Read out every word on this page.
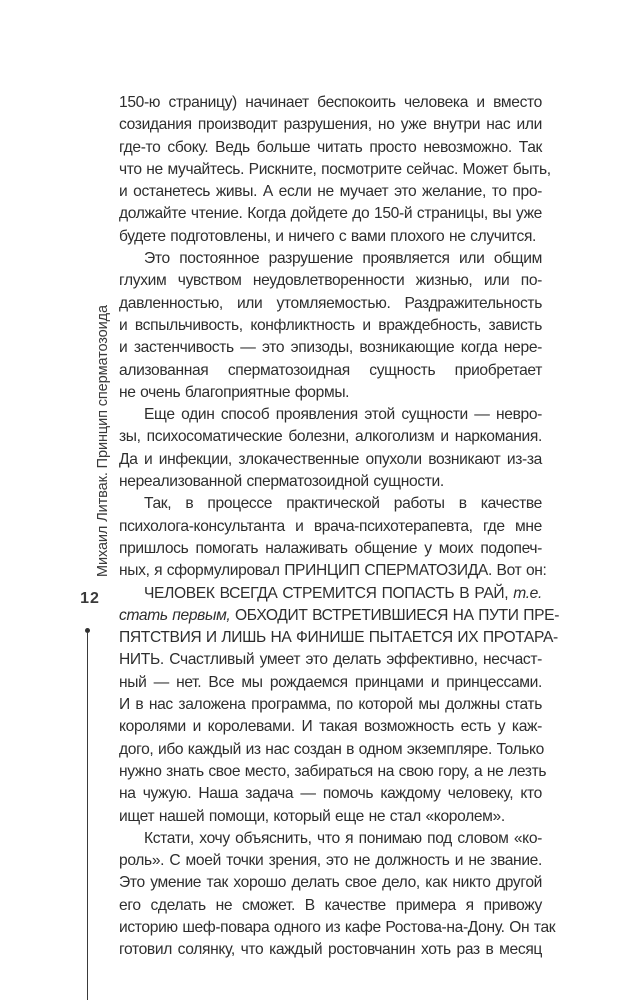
Михаил Литвак. Принцип сперматозоида
12
150-ю страницу) начинает беспокоить человека и вместо
созидания производит разрушения, но уже внутри нас или
где-то сбоку. Ведь больше читать просто невозможно. Так
что не мучайтесь. Рискните, посмотрите сейчас. Может быть,
и останетесь живы. А если не мучает это желание, то про-
должайте чтение. Когда дойдете до 150-й страницы, вы уже
будете подготовлены, и ничего с вами плохого не случится.
Это постоянное разрушение проявляется или общим
глухим чувством неудовлетворенности жизнью, или по-
давленностью, или утомляемостью. Раздражительность
и вспыльчивость, конфликтность и враждебность, зависть
и застенчивость — это эпизоды, возникающие когда нере-
ализованная сперматозоидная сущность приобретает
не очень благоприятные формы.
Еще один способ проявления этой сущности — невро-
зы, психосоматические болезни, алкоголизм и наркомания.
Да и инфекции, злокачественные опухоли возникают из-за
нереализованной сперматозоидной сущности.
Так, в процессе практической работы в качестве
психолога-консультанта и врача-психотерапевта, где мне
пришлось помогать налаживать общение у моих подопеч-
ных, я сформулировал ПРИНЦИП СПЕРМАТОЗИДА. Вот он:
ЧЕЛОВЕК ВСЕГДА СТРЕМИТСЯ ПОПАСТЬ В РАЙ, т.е.
стать первым, ОБХОДИТ ВСТРЕТИВШИЕСЯ НА ПУТИ ПРЕ-
ПЯТСТВИЯ И ЛИШЬ НА ФИНИШЕ ПЫТАЕТСЯ ИХ ПРОТАРА-
НИТЬ. Счастливый умеет это делать эффективно, несчаст-
ный — нет. Все мы рождаемся принцами и принцессами.
И в нас заложена программа, по которой мы должны стать
королями и королевами. И такая возможность есть у каж-
дого, ибо каждый из нас создан в одном экземпляре. Только
нужно знать свое место, забираться на свою гору, а не лезть
на чужую. Наша задача — помочь каждому человеку, кто
ищет нашей помощи, который еще не стал «королем».
Кстати, хочу объяснить, что я понимаю под словом «ко-
роль». С моей точки зрения, это не должность и не звание.
Это умение так хорошо делать свое дело, как никто другой
его сделать не сможет. В качестве примера я привожу
историю шеф-повара одного из кафе Ростова-на-Дону. Он так
готовил солянку, что каждый ростовчанин хоть раз в месяц
